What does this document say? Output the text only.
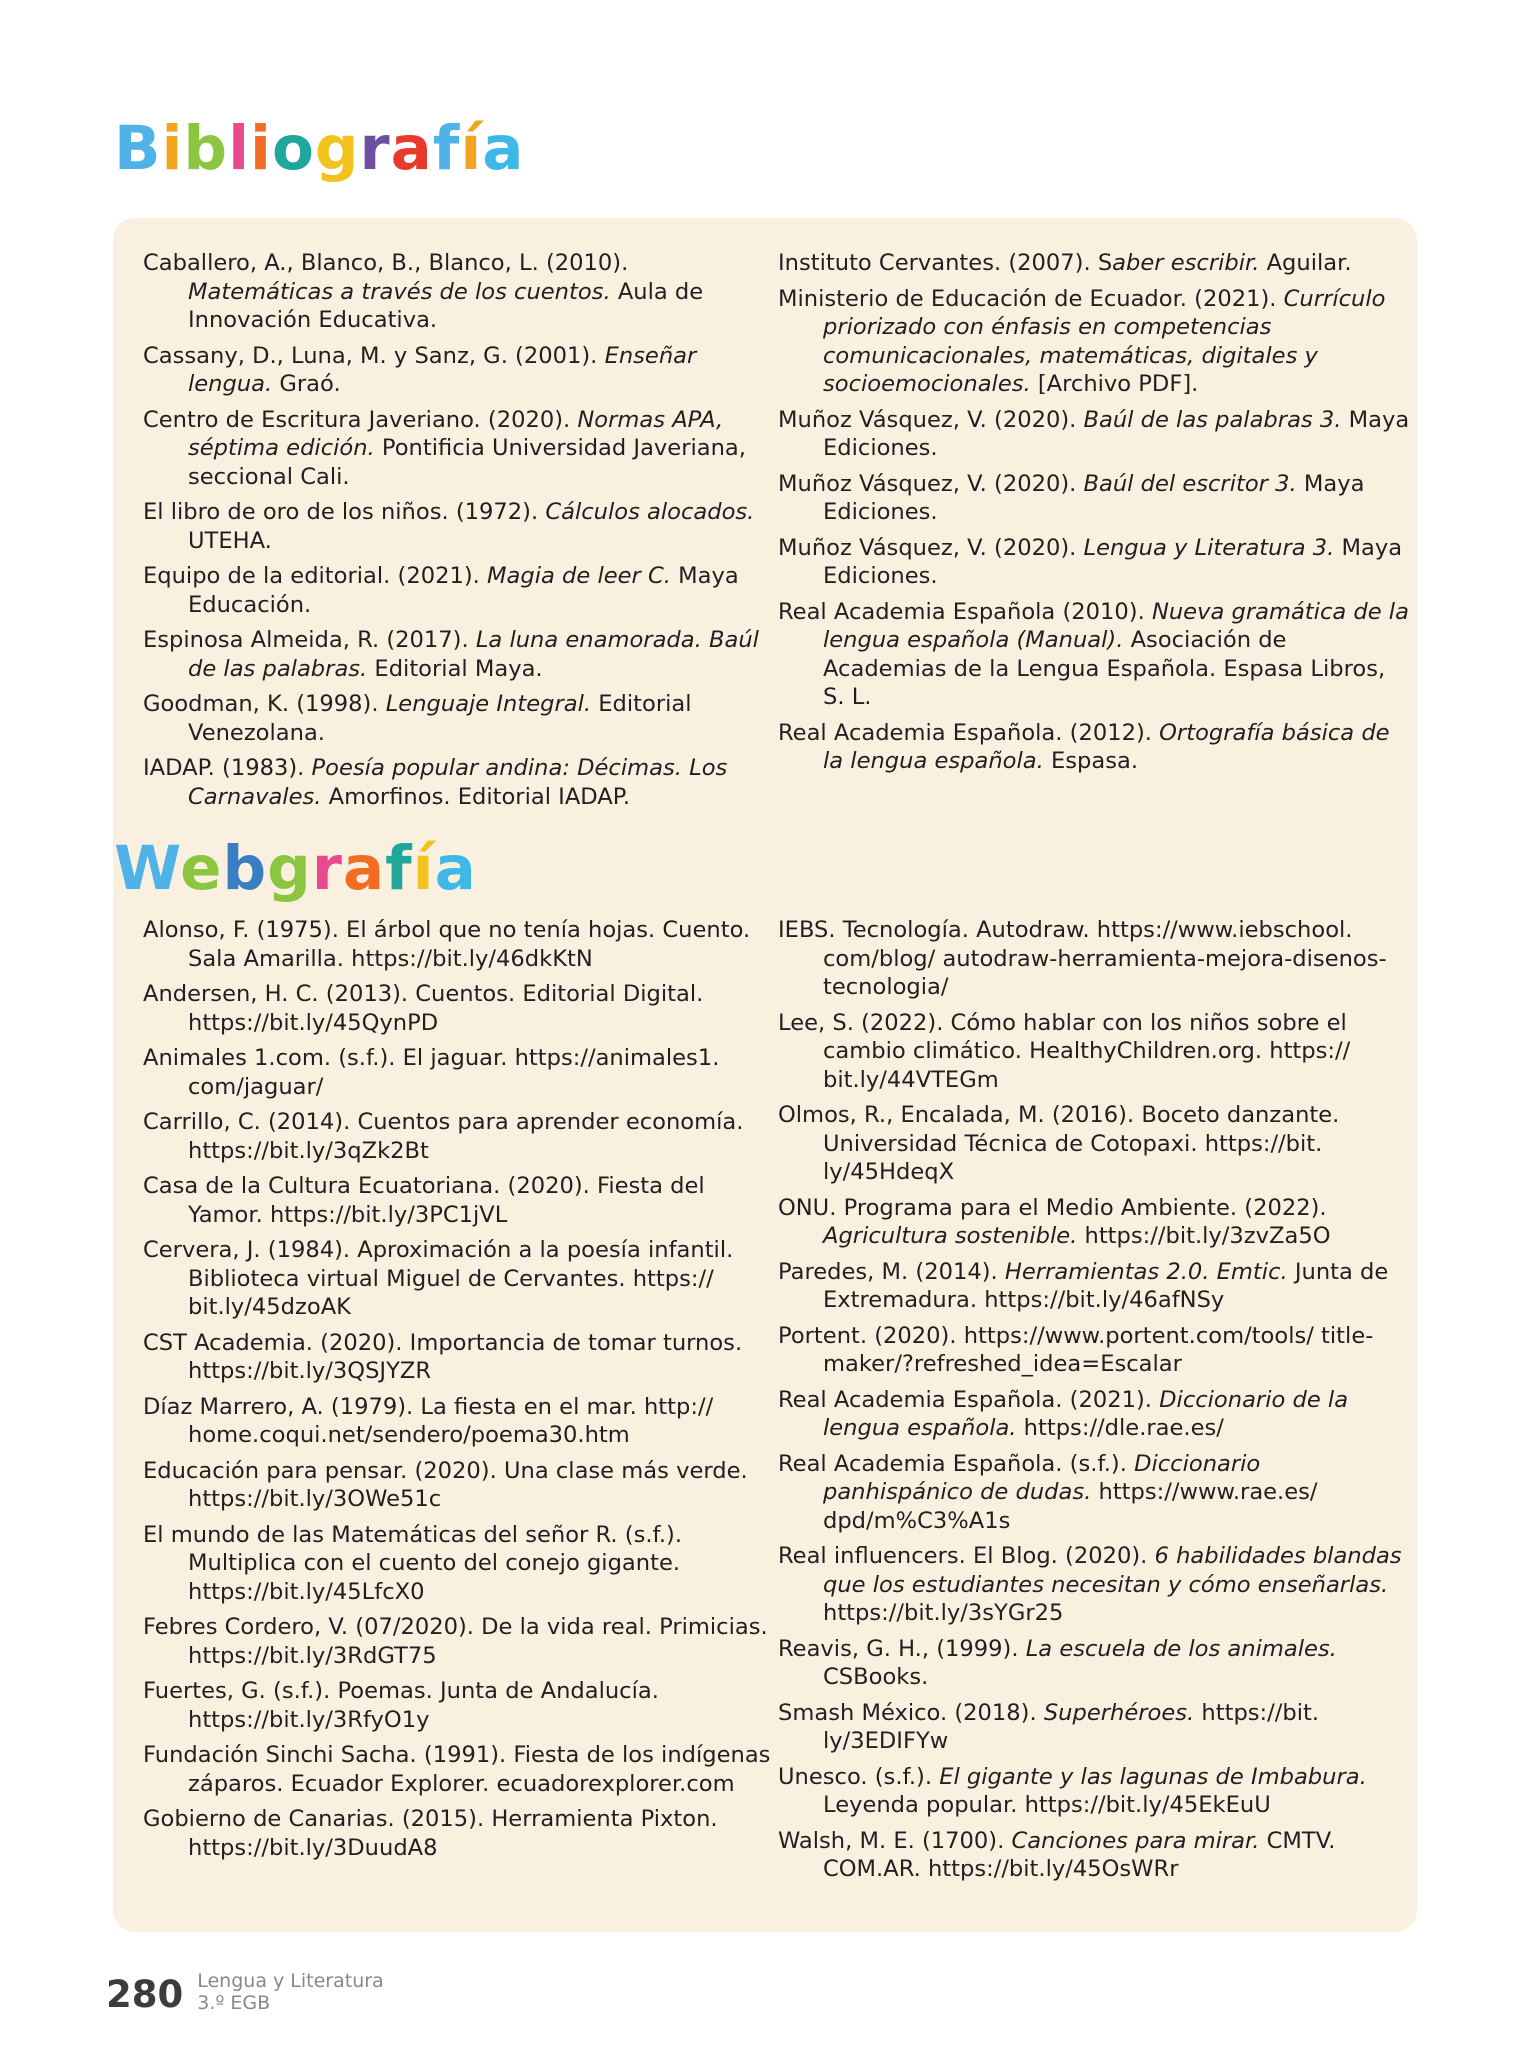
Bibliografía

Caballero, A., Blanco, B., Blanco, L. (2010). Matemáticas a través de los cuentos. Aula de Innovación Educativa.

Cassany, D., Luna, M. y Sanz, G. (2001). Enseñar lengua. Graó.

Centro de Escritura Javeriano. (2020). Normas APA, séptima edición. Pontificia Universidad Javeriana, seccional Cali.

El libro de oro de los niños. (1972). Cálculos alocados. UTEHA.

Equipo de la editorial. (2021). Magia de leer C. Maya Educación.

Espinosa Almeida, R. (2017). La luna enamorada. Baúl de las palabras. Editorial Maya.

Goodman, K. (1998). Lenguaje Integral. Editorial Venezolana.

IADAP. (1983). Poesía popular andina: Décimas. Los Carnavales. Amorfinos. Editorial IADAP.

Instituto Cervantes. (2007). Saber escribir. Aguilar.

Ministerio de Educación de Ecuador. (2021). Currículo priorizado con énfasis en competencias comunicacionales, matemáticas, digitales y socioemocionales. [Archivo PDF].

Muñoz Vásquez, V. (2020). Baúl de las palabras 3. Maya Ediciones.

Muñoz Vásquez, V. (2020). Baúl del escritor 3. Maya Ediciones.

Muñoz Vásquez, V. (2020). Lengua y Literatura 3. Maya Ediciones.

Real Academia Española (2010). Nueva gramática de la lengua española (Manual). Asociación de Academias de la Lengua Española. Espasa Libros, S. L.

Real Academia Española. (2012). Ortografía básica de la lengua española. Espasa.

Webgrafía

Alonso, F. (1975). El árbol que no tenía hojas. Cuento. Sala Amarilla. https://bit.ly/46dkKtN

Andersen, H. C. (2013). Cuentos. Editorial Digital. https://bit.ly/45QynPD

Animales 1.com. (s.f.). El jaguar. https://animales1. com/jaguar/

Carrillo, C. (2014). Cuentos para aprender economía. https://bit.ly/3qZk2Bt

Casa de la Cultura Ecuatoriana. (2020). Fiesta del Yamor. https://bit.ly/3PC1jVL

Cervera, J. (1984). Aproximación a la poesía infantil. Biblioteca virtual Miguel de Cervantes. https:// bit.ly/45dzoAK

CST Academia. (2020). Importancia de tomar turnos. https://bit.ly/3QSJYZR

Díaz Marrero, A. (1979). La fiesta en el mar. http:// home.coqui.net/sendero/poema30.htm

Educación para pensar. (2020). Una clase más verde. https://bit.ly/3OWe51c

El mundo de las Matemáticas del señor R. (s.f.). Multiplica con el cuento del conejo gigante. https://bit.ly/45LfcX0

Febres Cordero, V. (07/2020). De la vida real. Primicias. https://bit.ly/3RdGT75

Fuertes, G. (s.f.). Poemas. Junta de Andalucía. https://bit.ly/3RfyO1y

Fundación Sinchi Sacha. (1991). Fiesta de los indígenas záparos. Ecuador Explorer. ecuadorexplorer.com

Gobierno de Canarias. (2015). Herramienta Pixton. https://bit.ly/3DuudA8

IEBS. Tecnología. Autodraw. https://www.iebschool. com/blog/ autodraw-herramienta-mejora-disenos- tecnologia/

Lee, S. (2022). Cómo hablar con los niños sobre el cambio climático. HealthyChildren.org. https:// bit.ly/44VTEGm

Olmos, R., Encalada, M. (2016). Boceto danzante. Universidad Técnica de Cotopaxi. https://bit. ly/45HdeqX

ONU. Programa para el Medio Ambiente. (2022). Agricultura sostenible. https://bit.ly/3zvZa5O

Paredes, M. (2014). Herramientas 2.0. Emtic. Junta de Extremadura. https://bit.ly/46afNSy

Portent. (2020). https://www.portent.com/tools/ title-maker/?refreshed_idea=Escalar

Real Academia Española. (2021). Diccionario de la lengua española. https://dle.rae.es/

Real Academia Española. (s.f.). Diccionario panhispánico de dudas. https://www.rae.es/ dpd/m%C3%A1s

Real influencers. El Blog. (2020). 6 habilidades blandas que los estudiantes necesitan y cómo enseñarlas. https://bit.ly/3sYGr25

Reavis, G. H., (1999). La escuela de los animales. CSBooks.

Smash México. (2018). Superhéroes. https://bit. ly/3EDIFYw

Unesco. (s.f.). El gigante y las lagunas de Imbabura. Leyenda popular. https://bit.ly/45EkEuU

Walsh, M. E. (1700). Canciones para mirar. CMTV. COM.AR. https://bit.ly/45OsWRr

280 Lengua y Literatura
3.º EGB
